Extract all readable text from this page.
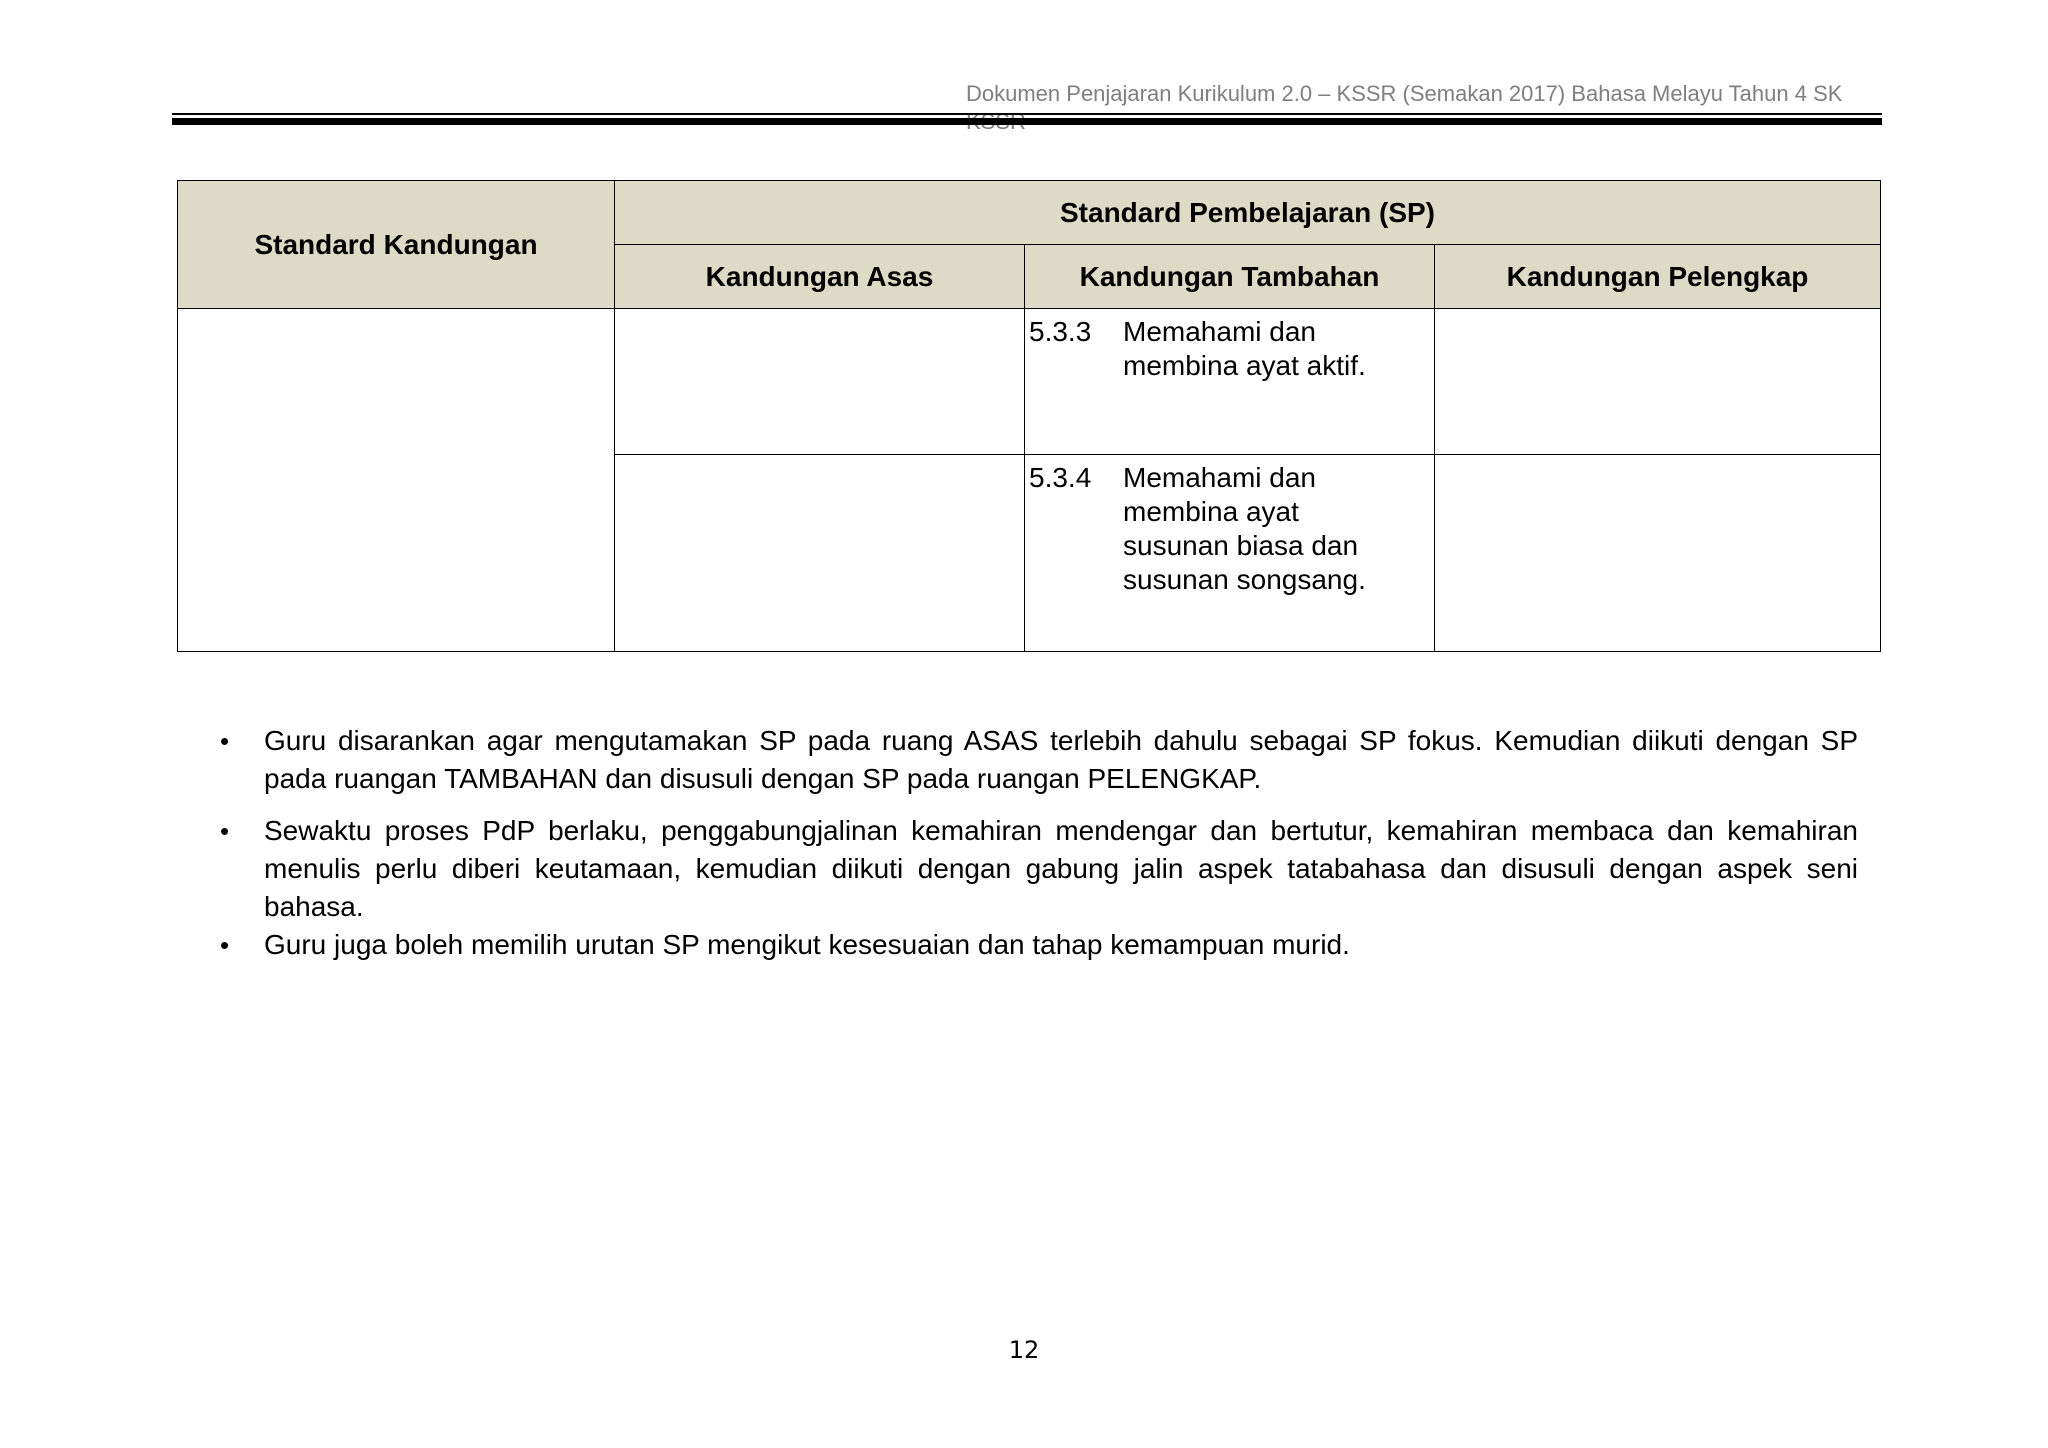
Dokumen Penjajaran Kurikulum 2.0 – KSSR (Semakan 2017) Bahasa Melayu Tahun 4 SK
Standard Kandungan	Standard Pembelajaran (SP)		
	Kandungan Asas	Kandungan Tambahan	Kandungan Pelengkap

		5.3.3 Memahami dan membina ayat aktif.	

		5.3.4 Memahami dan membina ayat susunan biasa dan susunan songsang.	

• Guru disarankan agar mengutamakan SP pada ruang ASAS terlebih dahulu sebagai SP fokus. Kemudian diikuti dengan SP pada ruangan TAMBAHAN dan disusuli dengan SP pada ruangan PELENGKAP.
• Sewaktu proses PdP berlaku, penggabungjalinan kemahiran mendengar dan bertutur, kemahiran membaca dan kemahiran menulis perlu diberi keutamaan, kemudian diikuti dengan gabung jalin aspek tatabahasa dan disusuli dengan aspek seni bahasa.
• Guru juga boleh memilih urutan SP mengikut kesesuaian dan tahap kemampuan murid.
12
